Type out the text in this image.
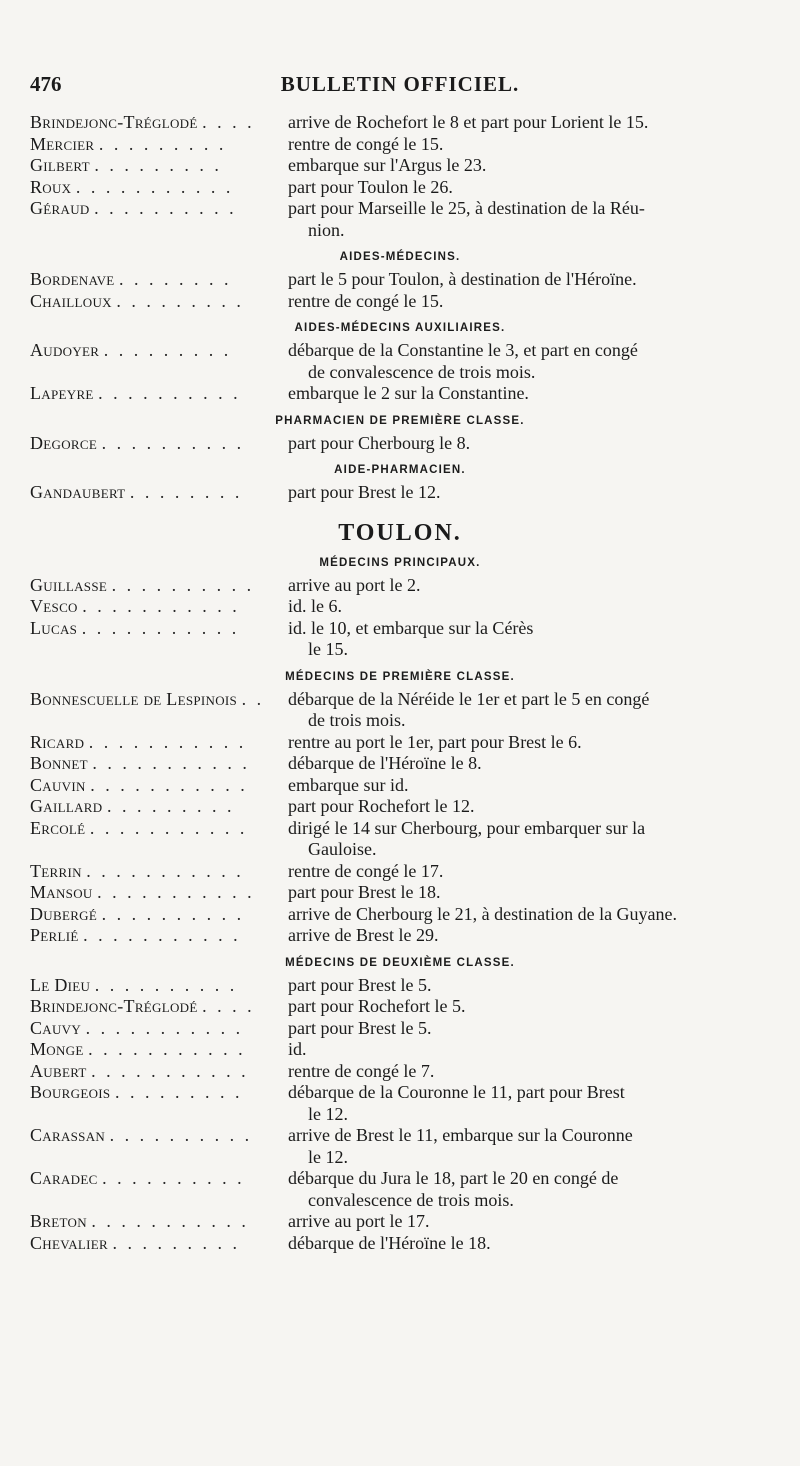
476	BULLETIN OFFICIEL.
Brindejonc-Tréglodé . . . .	arrive de Rochefort le 8 et part pour Lorient le 15.
Mercier . . . . . . . . .	rentre de congé le 15.
Gilbert . . . . . . . . .	embarque sur l'Argus le 23.
Roux . . . . . . . . . . .	part pour Toulon le 26.
Géraud . . . . . . . . . .	part pour Marseille le 25, à destination de la Réu-
nion.
AIDES-MÉDECINS.
Bordenave . . . . . . . .	part le 5 pour Toulon, à destination de l'Héroïne.
Chailloux . . . . . . . . .	rentre de congé le 15.
AIDES-MÉDECINS AUXILIAIRES.
Audoyer . . . . . . . . .	débarque de la Constantine le 3, et part en congé
de convalescence de trois mois.
Lapeyre . . . . . . . . . .	embarque le 2 sur la Constantine.
PHARMACIEN DE PREMIÈRE CLASSE.
Degorce . . . . . . . . . .	part pour Cherbourg le 8.
AIDE-PHARMACIEN.
Gandaubert . . . . . . . .	part pour Brest le 12.
TOULON.
MÉDECINS PRINCIPAUX.
Guillasse . . . . . . . . . .	arrive au port le 2.
Vesco . . . . . . . . . . .	id. le 6.
Lucas . . . . . . . . . . .	id. le 10, et embarque sur la Cérès
le 15.
MÉDECINS DE PREMIÈRE CLASSE.
Bonnescuelle de Lespinois . .	débarque de la Néréide le 1er et part le 5 en congé
de trois mois.
Ricard . . . . . . . . . . .	rentre au port le 1er, part pour Brest le 6.
Bonnet . . . . . . . . . . .	débarque de l'Héroïne le 8.
Cauvin . . . . . . . . . . .	embarque sur id.
Gaillard . . . . . . . . .	part pour Rochefort le 12.
Ercolé . . . . . . . . . . .	dirigé le 14 sur Cherbourg, pour embarquer sur la
Gauloise.
Terrin . . . . . . . . . . .	rentre de congé le 17.
Mansou . . . . . . . . . . .	part pour Brest le 18.
Dubergé . . . . . . . . . .	arrive de Cherbourg le 21, à destination de la Guyane.
Perlié . . . . . . . . . . .	arrive de Brest le 29.
MÉDECINS DE DEUXIÈME CLASSE.
Le Dieu . . . . . . . . . .	part pour Brest le 5.
Brindejonc-Tréglodé . . . .	part pour Rochefort le 5.
Cauvy . . . . . . . . . . .	part pour Brest le 5.
Monge . . . . . . . . . . .	id.
Aubert . . . . . . . . . . .	rentre de congé le 7.
Bourgeois . . . . . . . . .	débarque de la Couronne le 11, part pour Brest
le 12.
Carassan . . . . . . . . . .	arrive de Brest le 11, embarque sur la Couronne
le 12.
Caradec . . . . . . . . . .	débarque du Jura le 18, part le 20 en congé de
convalescence de trois mois.
Breton . . . . . . . . . . .	arrive au port le 17.
Chevalier . . . . . . . . .	débarque de l'Héroïne le 18.
